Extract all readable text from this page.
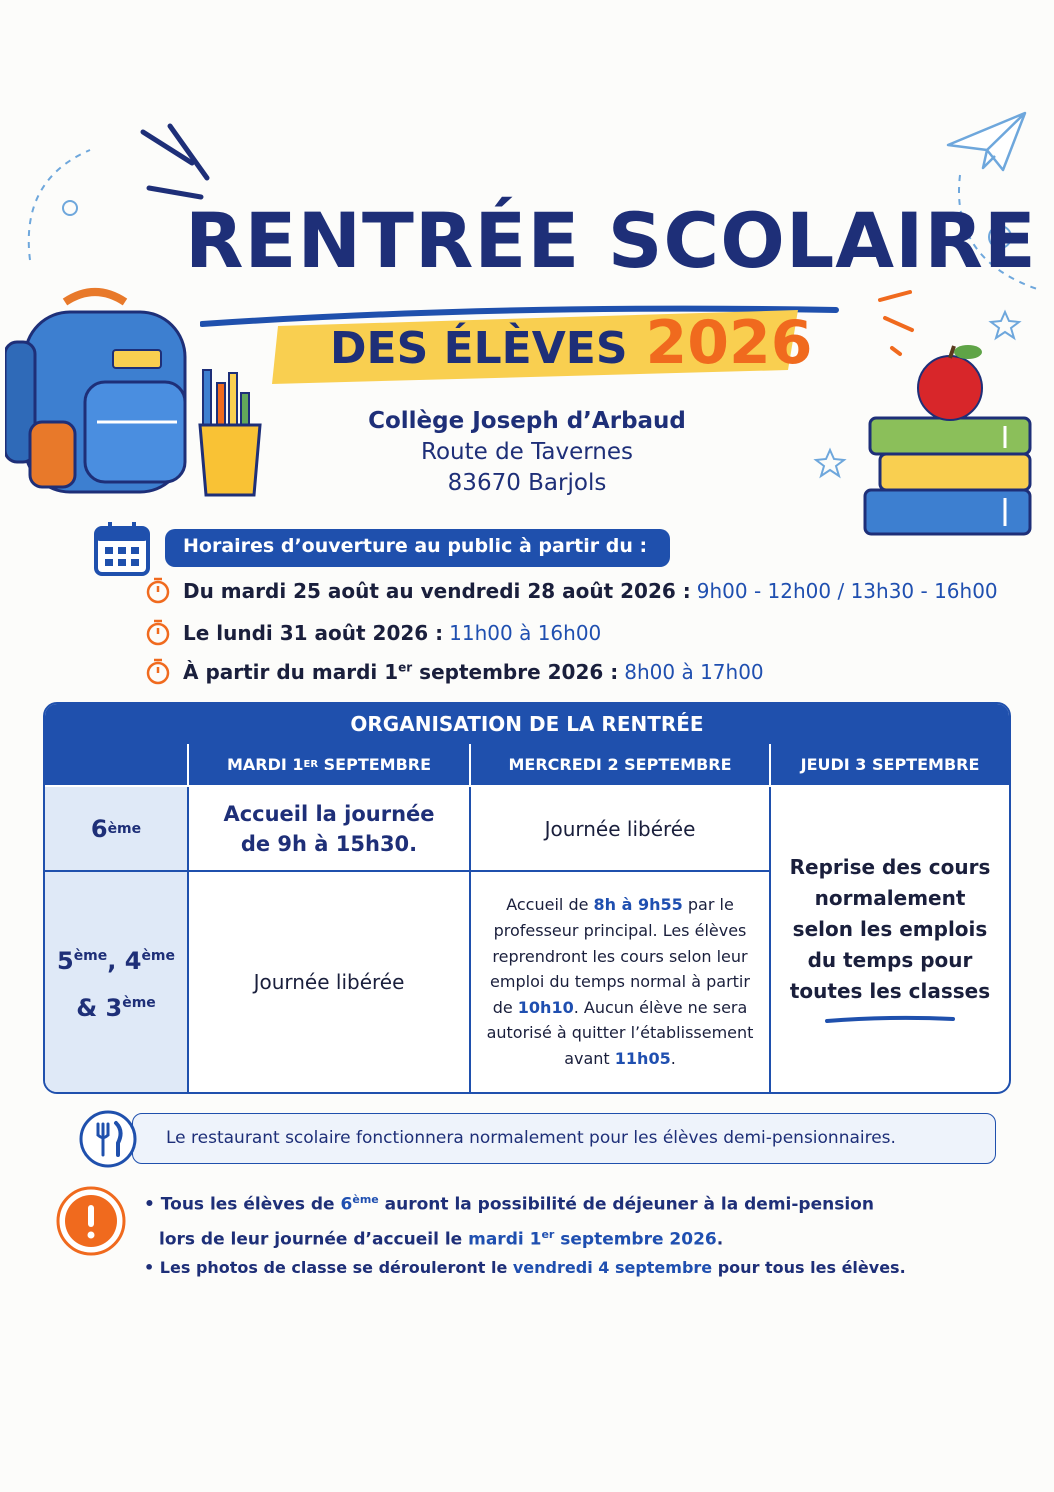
RENTRÉE SCOLAIRE
DES ÉLÈVES 2026
Collège Joseph d’Arbaud
Route de Tavernes
83670 Barjols
Horaires d’ouverture au public à partir du :
Du mardi 25 août au vendredi 28 août 2026 : 9h00 - 12h00 / 13h30 - 16h00
Le lundi 31 août 2026 : 11h00 à 16h00
À partir du mardi 1er septembre 2026 : 8h00 à 17h00
ORGANISATION DE LA RENTRÉE
MARDI 1 ER SEPTEMBRE	MERCREDI 2 SEPTEMBRE	JEUDI 3 SEPTEMBRE
6 ème
Accueil la journée
de 9h à 15h30.
Journée libérée
Reprise des cours
normalement
selon les emplois
du temps pour
toutes les classes
5ème, 4ème
& 3ème
Journée libérée
Accueil de 8h à 9h55 par le professeur principal. Les élèves reprendront les cours selon leur emploi du temps normal à partir de 10h10. Aucun élève ne sera autorisé à quitter l’établissement avant 11h05.
Le restaurant scolaire fonctionnera normalement pour les élèves demi-pensionnaires.
• Tous les élèves de 6ème auront la possibilité de déjeuner à la demi-pension
lors de leur journée d’accueil le mardi 1er septembre 2026.
• Les photos de classe se dérouleront le vendredi 4 septembre pour tous les élèves.
